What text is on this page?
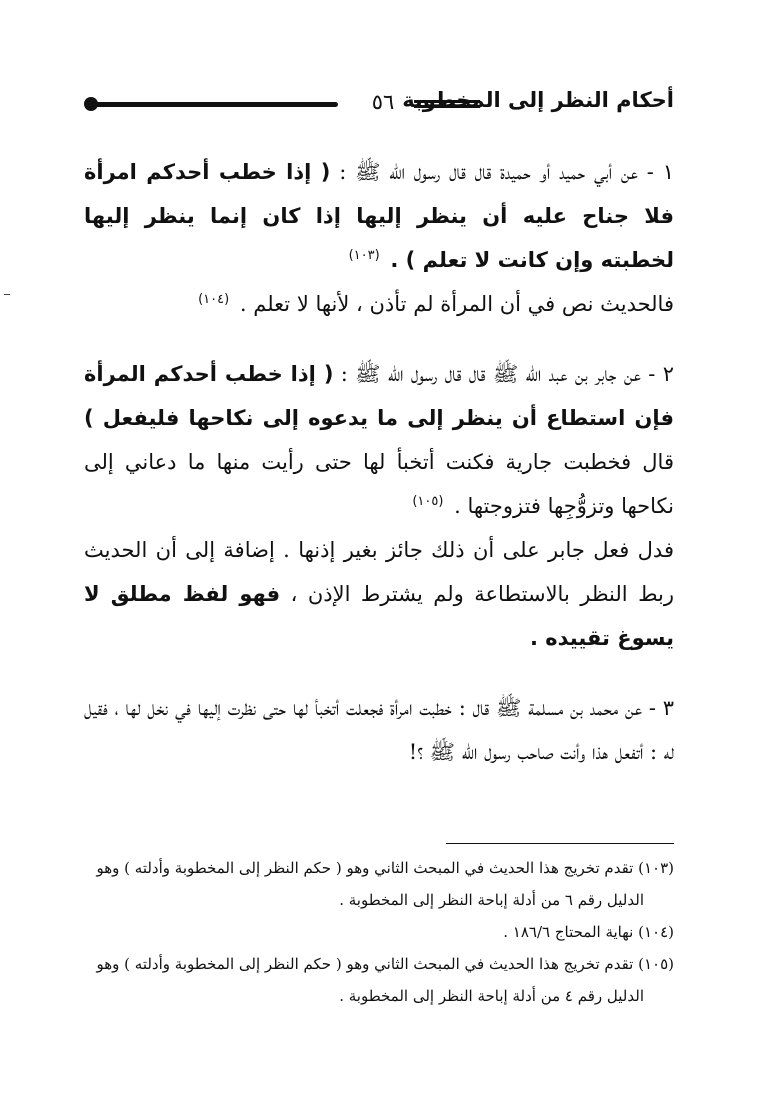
٥٦ أحكام النظر إلى المخطوبة

١ - عن أبي حميد أو حميدة قال قال رسول الله ﷺ : ( إذا خطب أحدكم امرأة فلا جناح عليه أن ينظر إليها إذا كان إنما ينظر إليها لخطبته وإن كانت لا تعلم ) . $^{(١٠٣)}$

فالحديث نص في أن المرأة لم تأذن ، لأنها لا تعلم . $^{(١٠٤)}$

٢ - عن جابر بن عبد الله ﷺ قال قال رسول الله ﷺ : ( إذا خطب أحدكم المرأة فإن استطاع أن ينظر إلى ما يدعوه إلى نكاحها فليفعل ) قال فخطبت جارية فكنت أتخبأ لها حتى رأيت منها ما دعاني إلى نكاحها وتزوُّجِها فتزوجتها . $^{(١٠٥)}$

فدل فعل جابر على أن ذلك جائز بغير إذنها . إضافة إلى أن الحديث ربط النظر بالاستطاعة ولم يشترط الإذن ، فهو لفظ مطلق لا يسوغ تقييده .

٣ - عن محمد بن مسلمة ﷺ قال : خطبت امرأة فجعلت أتخبأ لها حتى نظرت إليها في نخل لها ، فقيل له : أتفعل هذا وأنت صاحب رسول الله ﷺ ؟!

(١٠٣) تقدم تخريج هذا الحديث في المبحث الثاني وهو ( حكم النظر إلى المخطوبة وأدلته ) وهو

الدليل رقم ٦ من أدلة إباحة النظر إلى المخطوبة .

(١٠٤) نهاية المحتاج ١٨٦/٦ .

(١٠٥) تقدم تخريج هذا الحديث في المبحث الثاني وهو ( حكم النظر إلى المخطوبة وأدلته ) وهو

الدليل رقم ٤ من أدلة إباحة النظر إلى المخطوبة .
